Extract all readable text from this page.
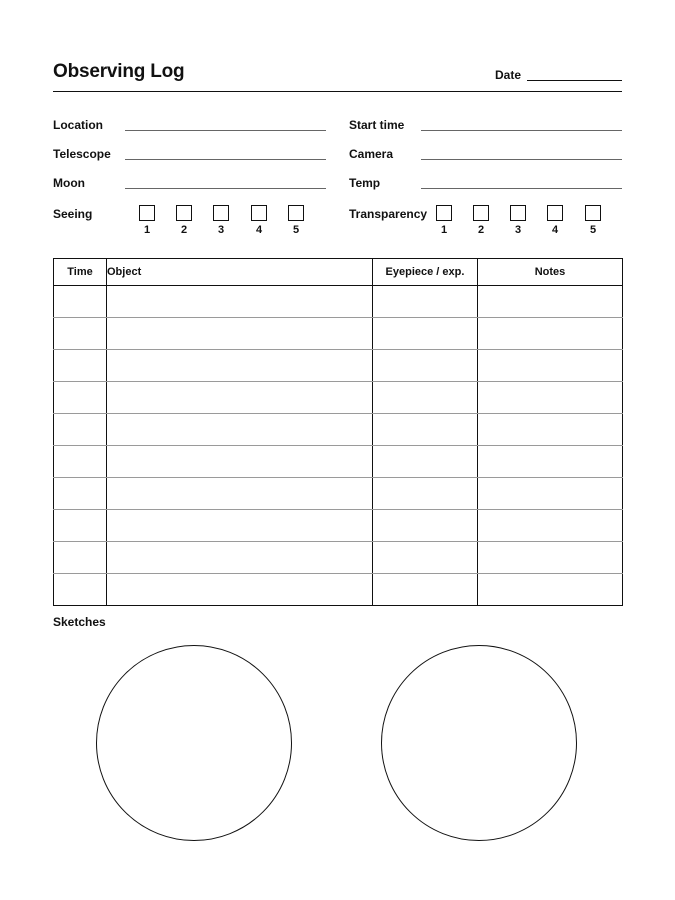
Observing Log	Date
Location
Telescope
Moon
Start time
Camera
Temp
Seeing
1	2	3	4	5
Transparency
1	2	3	4	5
Time	Object	Eyepiece / exp.	Notes

Sketches
